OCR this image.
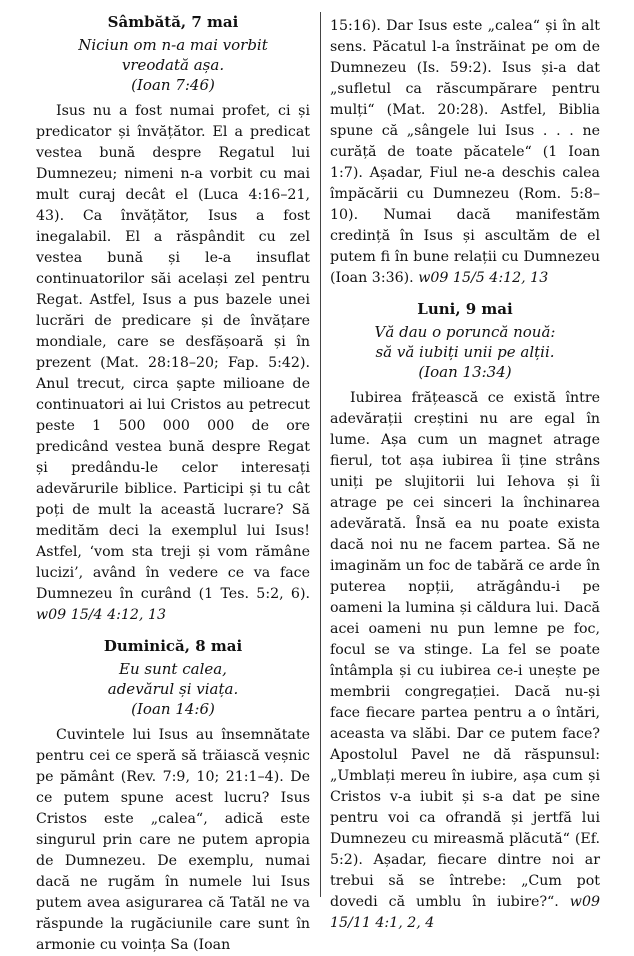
Sâmbătă, 7 mai
Niciun om n-a mai vorbit
vreodată așa.
(Ioan 7:46)

Isus nu a fost numai profet, ci și predicator și învățător. El a predicat vestea bună despre Regatul lui Dumnezeu; nimeni n-a vorbit cu mai mult curaj decât el (Luca 4:16–21, 43). Ca învățător, Isus a fost inegalabil. El a răspândit cu zel vestea bună și le-a insuflat continuatorilor săi același zel pentru Regat. Astfel, Isus a pus bazele unei lucrări de predicare și de învățare mondiale, care se desfășoară și în prezent (Mat. 28:18–20; Fap. 5:42). Anul trecut, circa șapte milioane de continuatori ai lui Cristos au petrecut peste 1 500 000 000 de ore predicând vestea bună despre Regat și predându-le celor interesați adevărurile biblice. Participi și tu cât poți de mult la această lucrare? Să medităm deci la exemplul lui Isus! Astfel, ‘vom sta treji și vom rămâne lucizi’, având în vedere ce va face Dumnezeu în curând (1 Tes. 5:2, 6). w09 15/4 4:12, 13

Duminică, 8 mai
Eu sunt calea,
adevărul și viața.
(Ioan 14:6)

Cuvintele lui Isus au însemnătate pentru cei ce speră să trăiască veșnic pe pământ (Rev. 7:9, 10; 21:1–4). De ce putem spune acest lucru? Isus Cristos este „calea“, adică este singurul prin care ne putem apropia de Dumnezeu. De exemplu, numai dacă ne rugăm în numele lui Isus putem avea asigurarea că Tatăl ne va răspunde la rugăciunile care sunt în armonie cu voința Sa (Ioan

15:16). Dar Isus este „calea“ și în alt sens. Păcatul l-a înstrăinat pe om de Dumnezeu (Is. 59:2). Isus și-a dat „sufletul ca răscumpărare pentru mulți“ (Mat. 20:28). Astfel, Biblia spune că „sângele lui Isus . . . ne curăță de toate păcatele“ (1 Ioan 1:7). Așadar, Fiul ne-a deschis calea împăcării cu Dumnezeu (Rom. 5:8–10). Numai dacă manifestăm credință în Isus și ascultăm de el putem fi în bune relații cu Dumnezeu (Ioan 3:36). w09 15/5 4:12, 13

Luni, 9 mai
Vă dau o poruncă nouă:
să vă iubiți unii pe alții.
(Ioan 13:34)

Iubirea frățească ce există între adevărații creștini nu are egal în lume. Așa cum un magnet atrage fierul, tot așa iubirea îi ține strâns uniți pe slujitorii lui Iehova și îi atrage pe cei sinceri la închinarea adevărată. Însă ea nu poate exista dacă noi nu ne facem partea. Să ne imaginăm un foc de tabără ce arde în puterea nopții, atrăgându-i pe oameni la lumina și căldura lui. Dacă acei oameni nu pun lemne pe foc, focul se va stinge. La fel se poate întâmpla și cu iubirea ce-i unește pe membrii congregației. Dacă nu-și face fiecare partea pentru a o întări, aceasta va slăbi. Dar ce putem face? Apostolul Pavel ne dă răspunsul: „Umblați mereu în iubire, așa cum și Cristos v-a iubit și s-a dat pe sine pentru voi ca ofrandă și jertfă lui Dumnezeu cu mireasmă plăcută“ (Ef. 5:2). Așadar, fiecare dintre noi ar trebui să se întrebe: „Cum pot dovedi că umblu în iubire?“. w09 15/11 4:1, 2, 4
